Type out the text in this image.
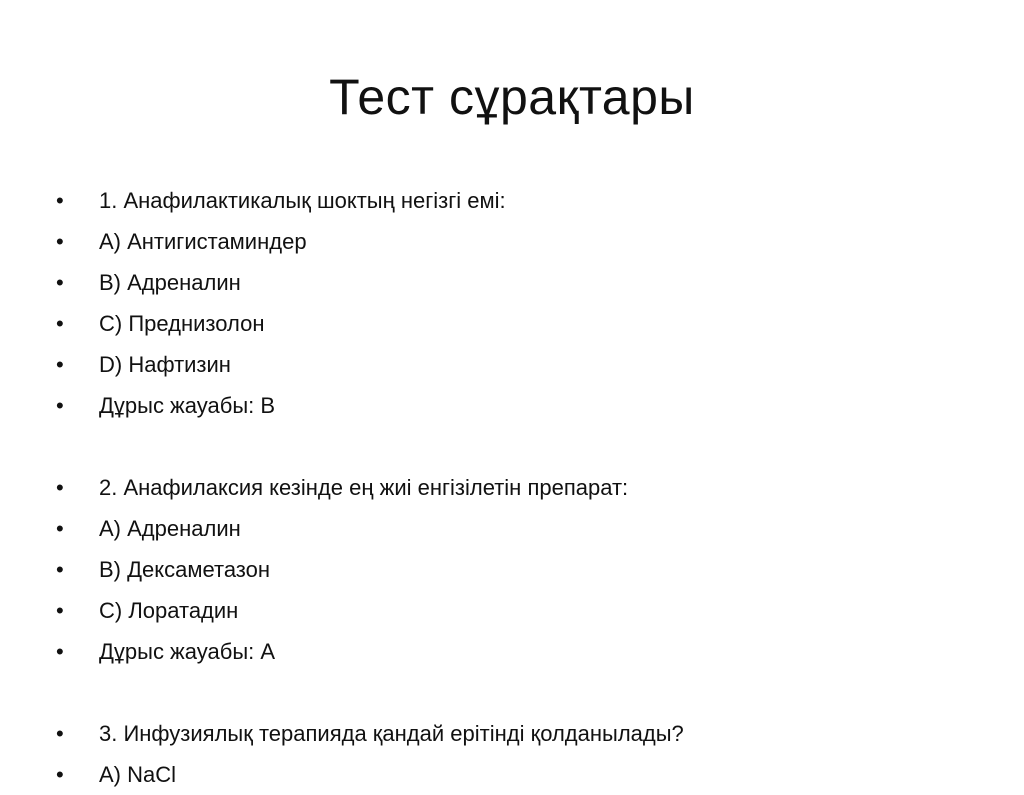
Тест сұрақтары
•	1. Анафилактикалық шоктың негізгі емі:
•	А) Антигистаминдер
•	В) Адреналин
•	С) Преднизолон
•	D) Нафтизин
•	Дұрыс жауабы: В
•	2. Анафилаксия кезінде ең жиі енгізілетін препарат:
•	А) Адреналин
•	В) Дексаметазон
•	С) Лоратадин
•	Дұрыс жауабы: А
•	3. Инфузиялық терапияда қандай ерітінді қолданылады?
•	А) NaCl
